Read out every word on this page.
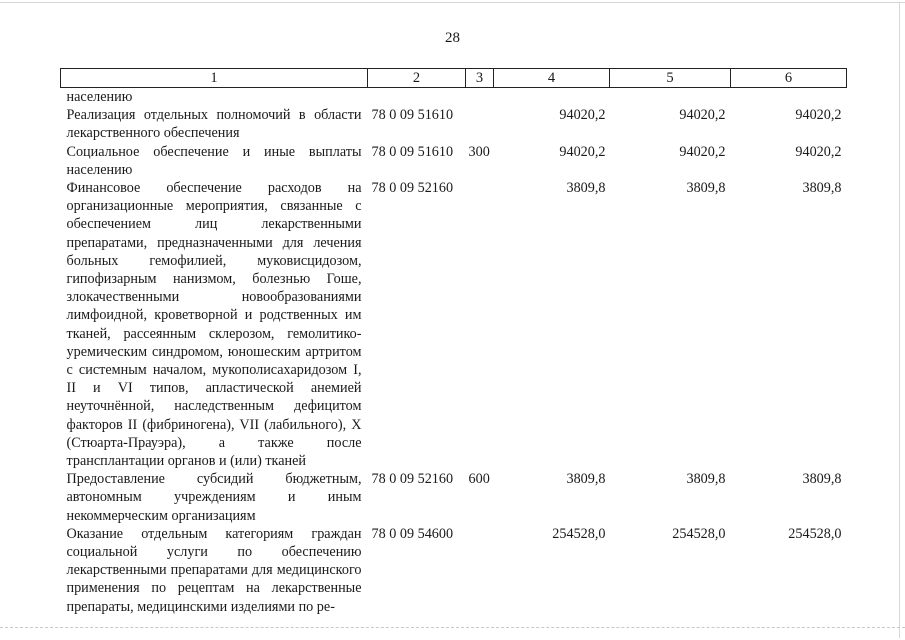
28
1	2	3	4	5	6
населению					
Реализация отдельных полномочий в области лекарственного обеспечения	78 0 09 51610		94020,2	94020,2	94020,2
Социальное обеспечение и иные выплаты населению	78 0 09 51610	300	94020,2	94020,2	94020,2
Финансовое обеспечение расходов на организационные мероприятия, связанные с обеспечением лиц лекарственными препаратами, предназначенными для лечения больных гемофилией, муковисцидозом, гипофизарным нанизмом, болезнью Гоше, злокачественными новообразованиями лимфоидной, кроветворной и родственных им тканей, рассеянным склерозом, гемолитико-уремическим синдромом, юношеским артритом с системным началом, мукополисахаридозом I, II и VI типов, апластической анемией неуточнённой, наследственным дефицитом факторов II (фибриногена), VII (лабильного), X (Стюарта-Прауэра), а также после трансплантации органов и (или) тканей	78 0 09 52160		3809,8	3809,8	3809,8
Предоставление субсидий бюджетным, автономным учреждениям и иным некоммерческим организациям	78 0 09 52160	600	3809,8	3809,8	3809,8
Оказание отдельным категориям граждан социальной услуги по обеспечению лекарственными препаратами для медицинского применения по рецептам на лекарственные препараты, медицинскими изделиями по ре-	78 0 09 54600		254528,0	254528,0	254528,0
